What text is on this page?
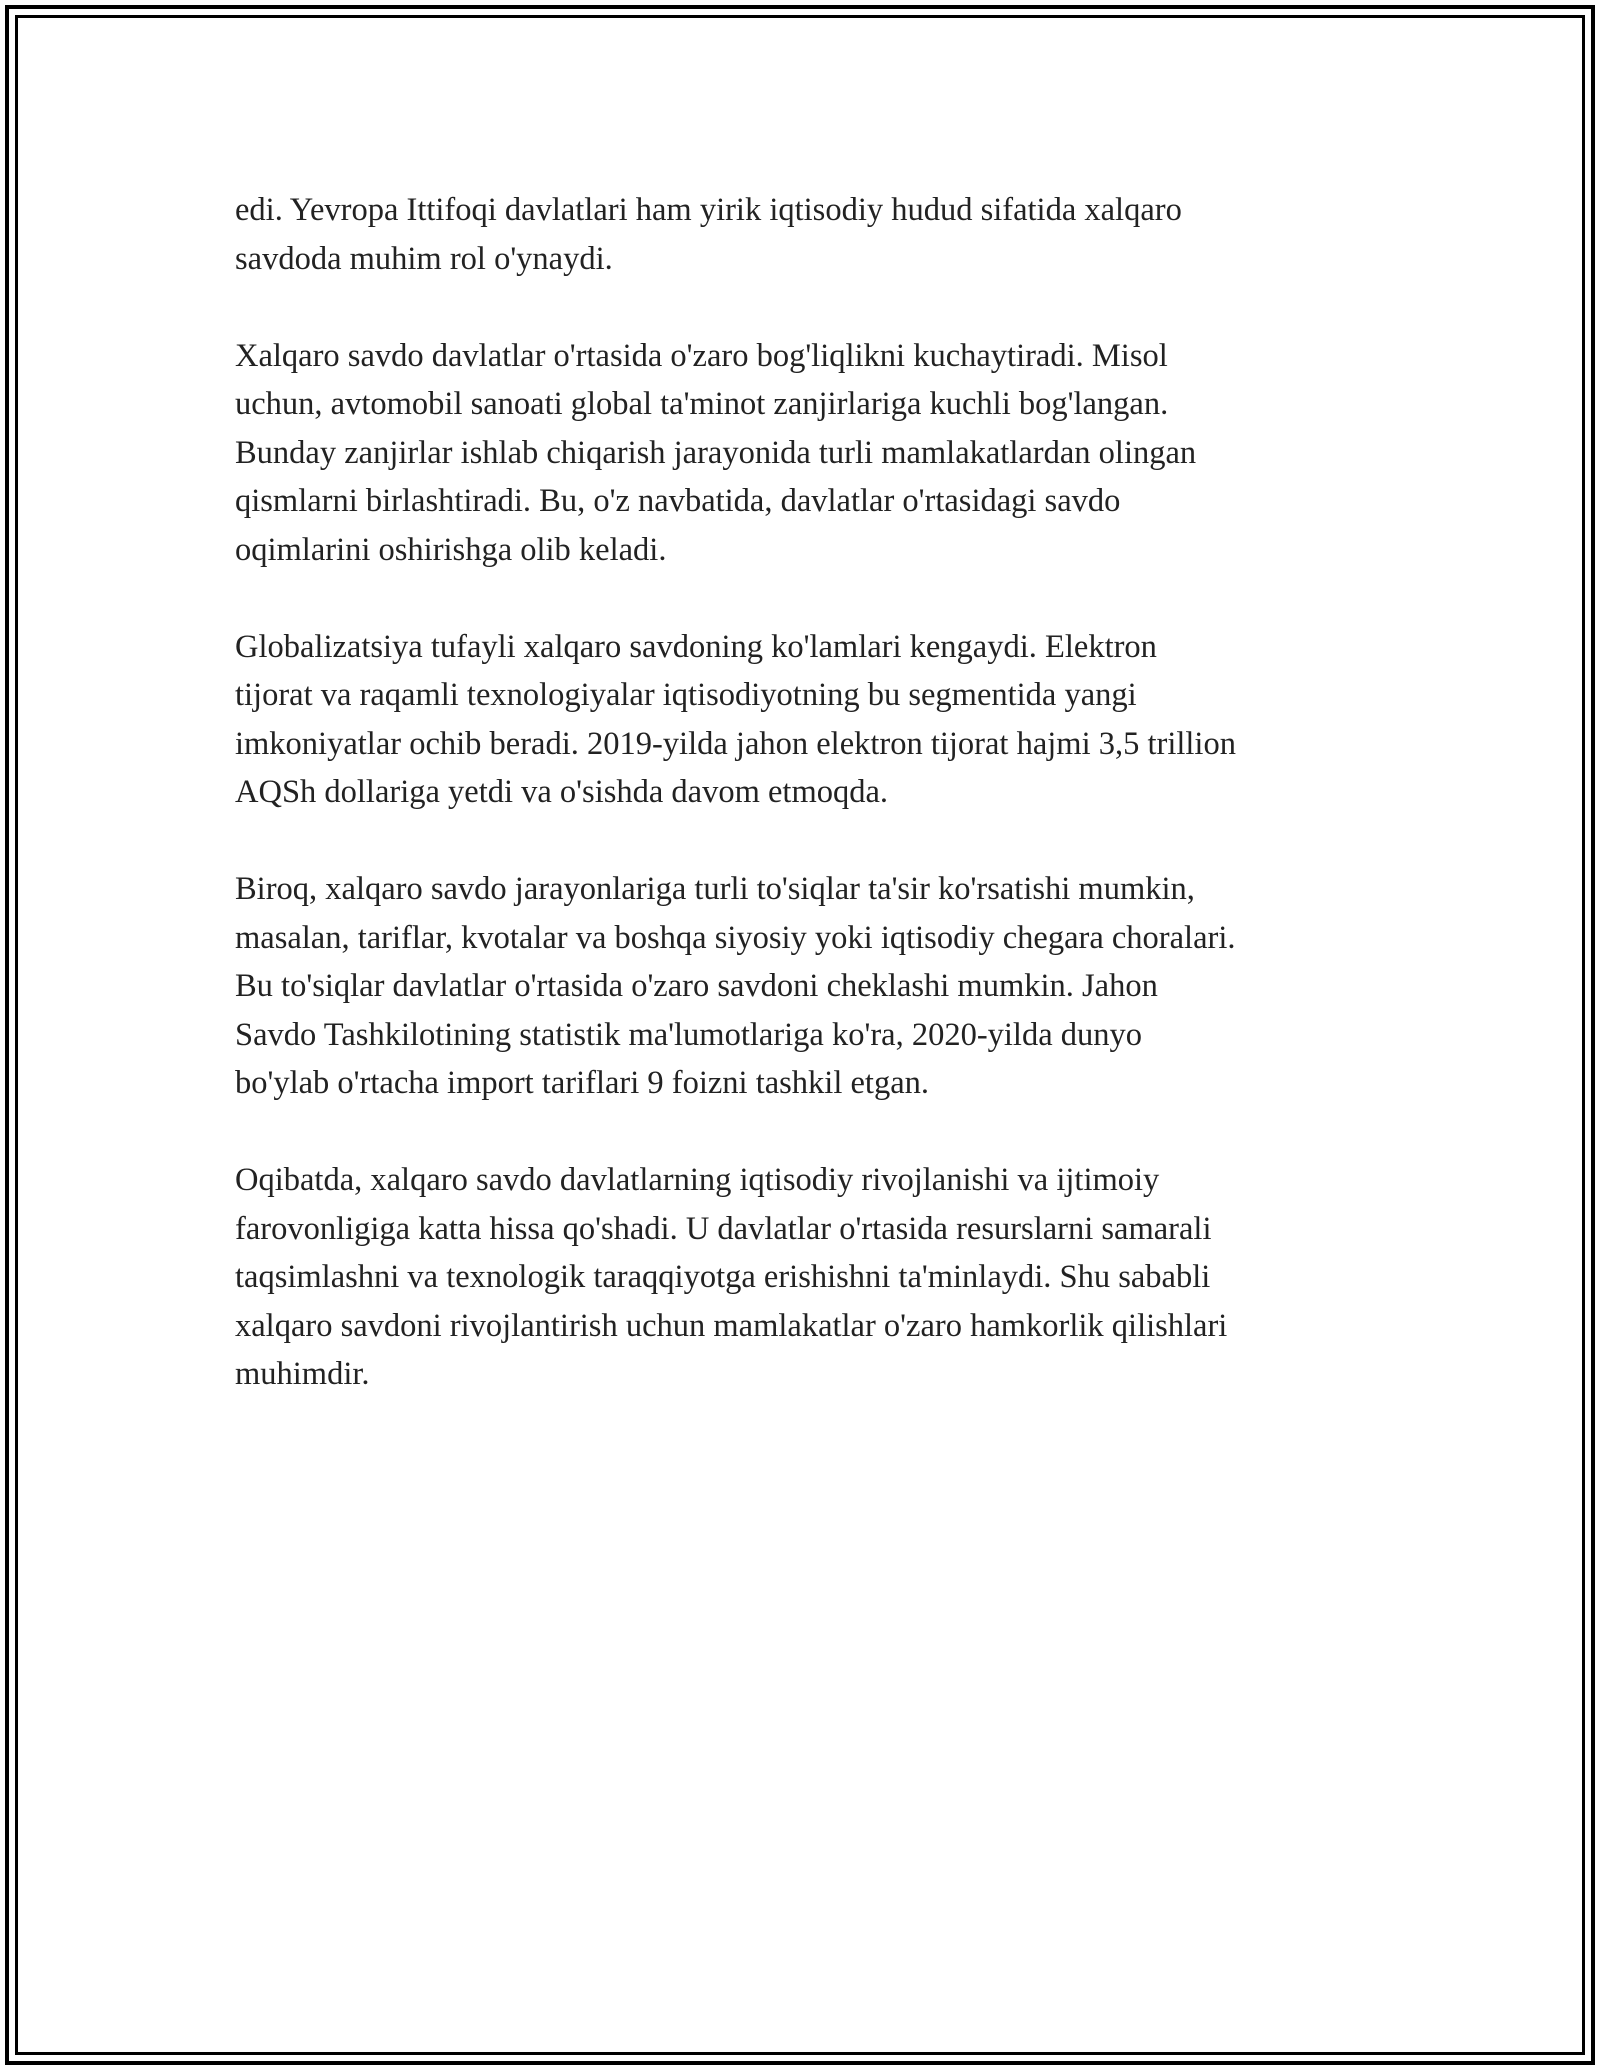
edi. Yevropa Ittifoqi davlatlari ham yirik iqtisodiy hudud sifatida xalqaro
savdoda muhim rol o'ynaydi.

Xalqaro savdo davlatlar o'rtasida o'zaro bog'liqlikni kuchaytiradi. Misol
uchun, avtomobil sanoati global ta'minot zanjirlariga kuchli bog'langan.
Bunday zanjirlar ishlab chiqarish jarayonida turli mamlakatlardan olingan
qismlarni birlashtiradi. Bu, o'z navbatida, davlatlar o'rtasidagi savdo
oqimlarini oshirishga olib keladi.

Globalizatsiya tufayli xalqaro savdoning ko'lamlari kengaydi. Elektron
tijorat va raqamli texnologiyalar iqtisodiyotning bu segmentida yangi
imkoniyatlar ochib beradi. 2019-yilda jahon elektron tijorat hajmi 3,5 trillion
AQSh dollariga yetdi va o'sishda davom etmoqda.

Biroq, xalqaro savdo jarayonlariga turli to'siqlar ta'sir ko'rsatishi mumkin,
masalan, tariflar, kvotalar va boshqa siyosiy yoki iqtisodiy chegara choralari.
Bu to'siqlar davlatlar o'rtasida o'zaro savdoni cheklashi mumkin. Jahon
Savdo Tashkilotining statistik ma'lumotlariga ko'ra, 2020-yilda dunyo
bo'ylab o'rtacha import tariflari 9 foizni tashkil etgan.

Oqibatda, xalqaro savdo davlatlarning iqtisodiy rivojlanishi va ijtimoiy
farovonligiga katta hissa qo'shadi. U davlatlar o'rtasida resurslarni samarali
taqsimlashni va texnologik taraqqiyotga erishishni ta'minlaydi. Shu sababli
xalqaro savdoni rivojlantirish uchun mamlakatlar o'zaro hamkorlik qilishlari
muhimdir.
